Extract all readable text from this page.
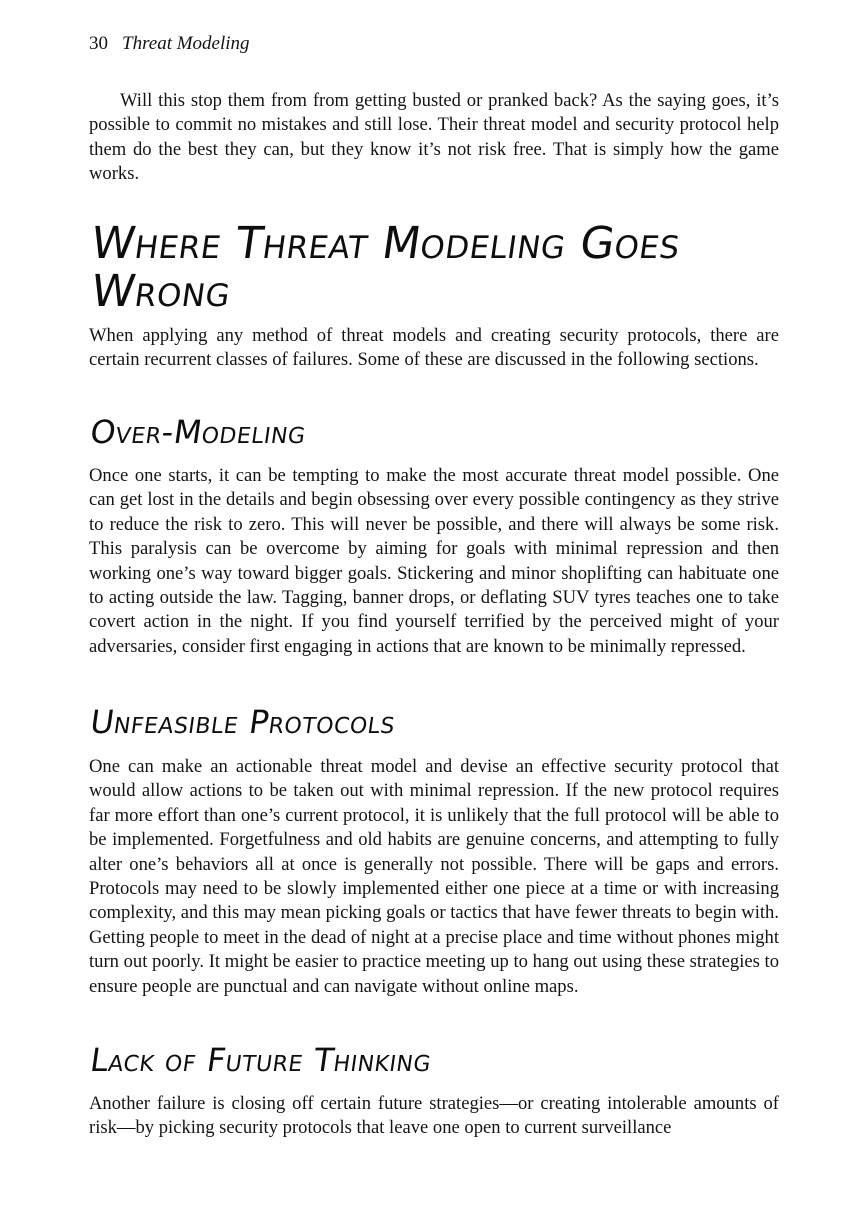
30 Threat Modeling

Will this stop them from from getting busted or pranked back? As the saying goes, it’s possible to commit no mistakes and still lose. Their threat model and security protocol help them do the best they can, but they know it’s not risk free. That is simply how the game works.

Where Threat Modeling Goes
Wrong

When applying any method of threat models and creating security protocols, there are certain recurrent classes of failures. Some of these are discussed in the following sections.

Over-Modeling

Once one starts, it can be tempting to make the most accurate threat model possible. One can get lost in the details and begin obsessing over every possible contingency as they strive to reduce the risk to zero. This will never be possible, and there will always be some risk. This paralysis can be overcome by aiming for goals with minimal repression and then working one’s way toward bigger goals. Stickering and minor shoplifting can habituate one to acting outside the law. Tagging, banner drops, or deflating SUV tyres teaches one to take covert action in the night. If you find yourself terrified by the perceived might of your adversaries, consider first engaging in actions that are known to be minimally repressed.

Unfeasible Protocols

One can make an actionable threat model and devise an effective security protocol that would allow actions to be taken out with minimal repression. If the new protocol requires far more effort than one’s current protocol, it is unlikely that the full protocol will be able to be implemented. Forgetfulness and old habits are genuine concerns, and attempting to fully alter one’s behaviors all at once is generally not possible. There will be gaps and errors. Protocols may need to be slowly implemented either one piece at a time or with increasing complexity, and this may mean picking goals or tactics that have fewer threats to begin with. Getting people to meet in the dead of night at a precise place and time without phones might turn out poorly. It might be easier to practice meeting up to hang out using these strategies to ensure people are punctual and can navigate without online maps.

Lack of Future Thinking

Another failure is closing off certain future strategies—or creating intolerable amounts of risk—by picking security protocols that leave one open to current surveillance
